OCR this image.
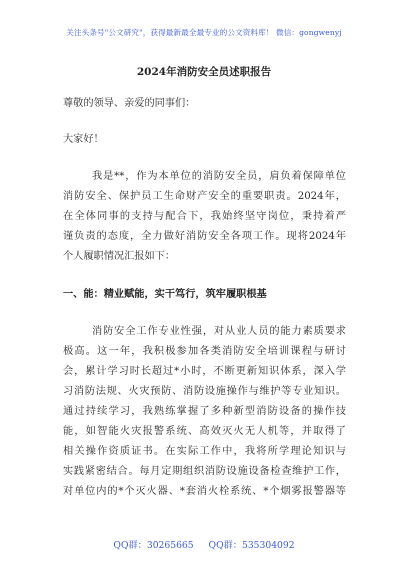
关注头条号"公文研究"，获得最新最全最专业的公文资料库！ 微信：gongwenyj
2024年消防安全员述职报告
尊敬的领导、亲爱的同事们：
大家好！
我是**，作为本单位的消防安全员，肩负着保障单位
消防安全、保护员工生命财产安全的重要职责。2024年，
在全体同事的支持与配合下，我始终坚守岗位，秉持着严
谨负责的态度，全力做好消防安全各项工作。现将2024年
个人履职情况汇报如下：
一、能：精业赋能，实干笃行，筑牢履职根基
消防安全工作专业性强，对从业人员的能力素质要求
极高。这一年，我积极参加各类消防安全培训课程与研讨
会，累计学习时长超过*小时，不断更新知识体系，深入学
习消防法规、火灾预防、消防设施操作与维护等专业知识。
通过持续学习，我熟练掌握了多种新型消防设备的操作技
能，如智能火灾报警系统、高效灭火无人机等，并取得了
相关操作资质证书。在实际工作中，我将所学理论知识与
实践紧密结合。每月定期组织消防设施设备检查维护工作，
对单位内的*个灭火器、*套消火栓系统、*个烟雾报警器等
QQ群：30265665 QQ群：535304092
